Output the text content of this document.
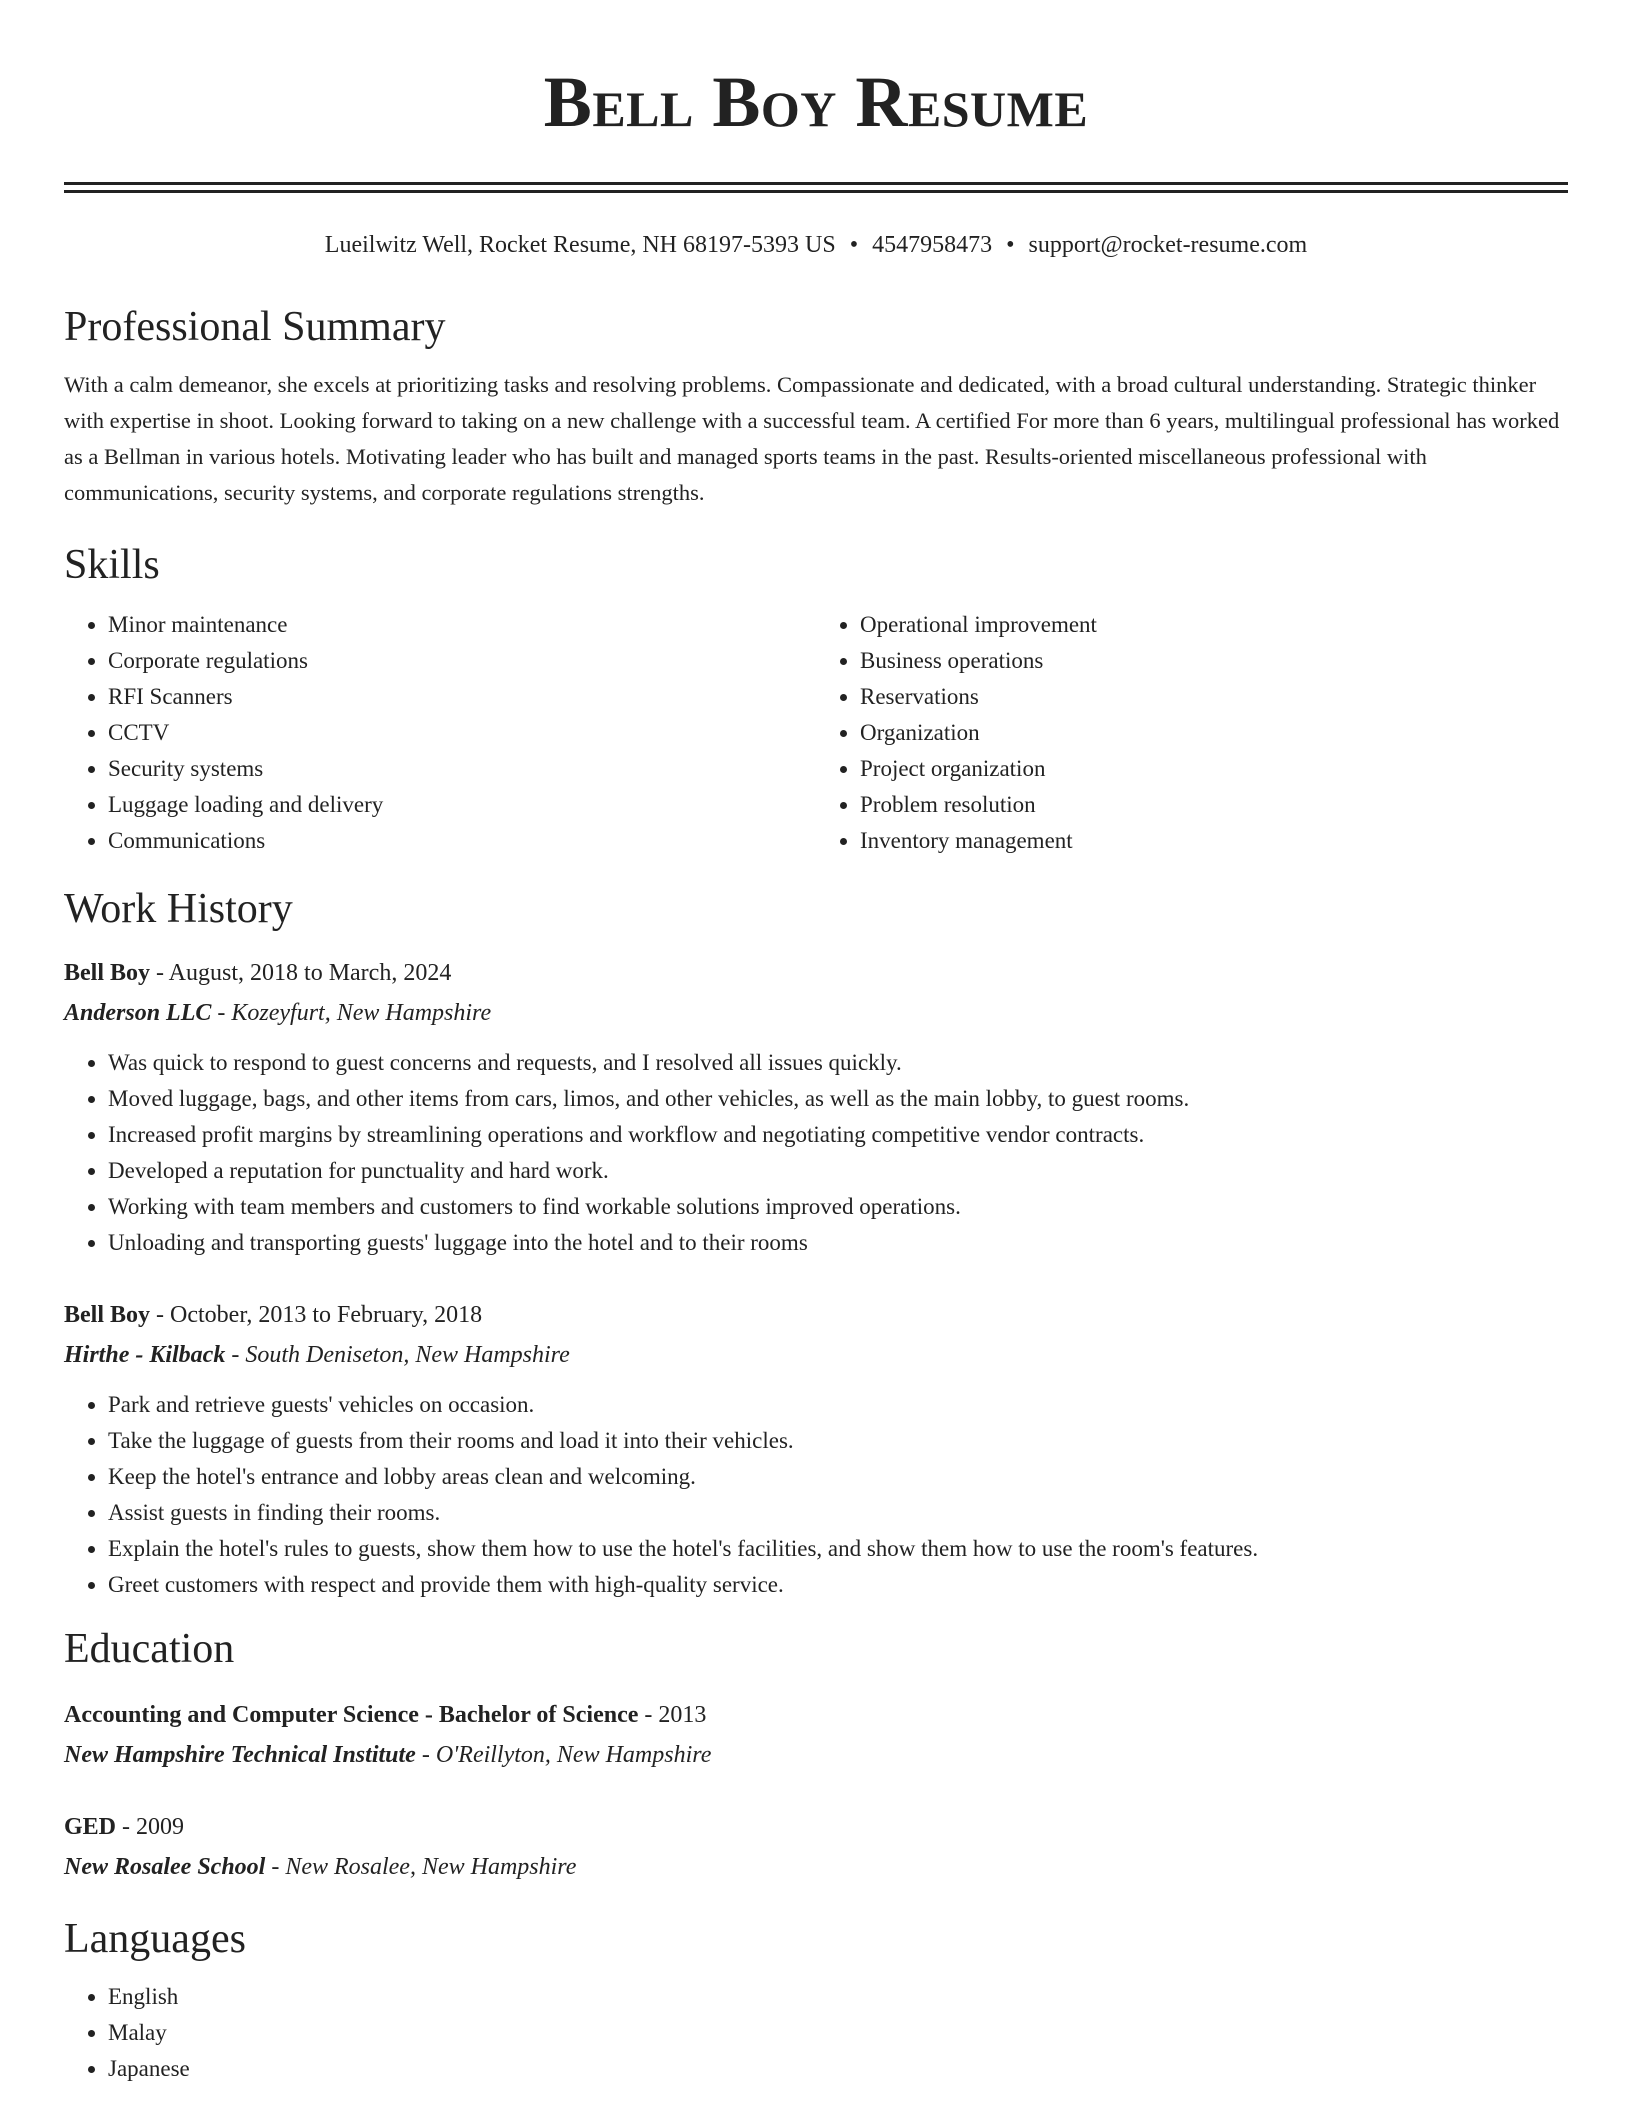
Bell Boy Resume
Lueilwitz Well, Rocket Resume, NH 68197-5393 US • 4547958473 • support@rocket-resume.com
Professional Summary

With a calm demeanor, she excels at prioritizing tasks and resolving problems. Compassionate and dedicated, with a broad cultural understanding. Strategic thinker with expertise in shoot. Looking forward to taking on a new challenge with a successful team. A certified For more than 6 years, multilingual professional has worked as a Bellman in various hotels. Motivating leader who has built and managed sports teams in the past. Results-oriented miscellaneous professional with communications, security systems, and corporate regulations strengths.

Skills
• Minor maintenance
• Corporate regulations
• RFI Scanners
• CCTV
• Security systems
• Luggage loading and delivery
• Communications
• Operational improvement
• Business operations
• Reservations
• Organization
• Project organization
• Problem resolution
• Inventory management
Work History
Bell Boy - August, 2018 to March, 2024
Anderson LLC - Kozeyfurt, New Hampshire
• Was quick to respond to guest concerns and requests, and I resolved all issues quickly.
• Moved luggage, bags, and other items from cars, limos, and other vehicles, as well as the main lobby, to guest rooms.
• Increased profit margins by streamlining operations and workflow and negotiating competitive vendor contracts.
• Developed a reputation for punctuality and hard work.
• Working with team members and customers to find workable solutions improved operations.
• Unloading and transporting guests' luggage into the hotel and to their rooms
Bell Boy - October, 2013 to February, 2018
Hirthe - Kilback - South Deniseton, New Hampshire
• Park and retrieve guests' vehicles on occasion.
• Take the luggage of guests from their rooms and load it into their vehicles.
• Keep the hotel's entrance and lobby areas clean and welcoming.
• Assist guests in finding their rooms.
• Explain the hotel's rules to guests, show them how to use the hotel's facilities, and show them how to use the room's features.
• Greet customers with respect and provide them with high-quality service.
Education
Accounting and Computer Science - Bachelor of Science - 2013
New Hampshire Technical Institute - O'Reillyton, New Hampshire
GED - 2009
New Rosalee School - New Rosalee, New Hampshire
Languages
• English
• Malay
• Japanese
